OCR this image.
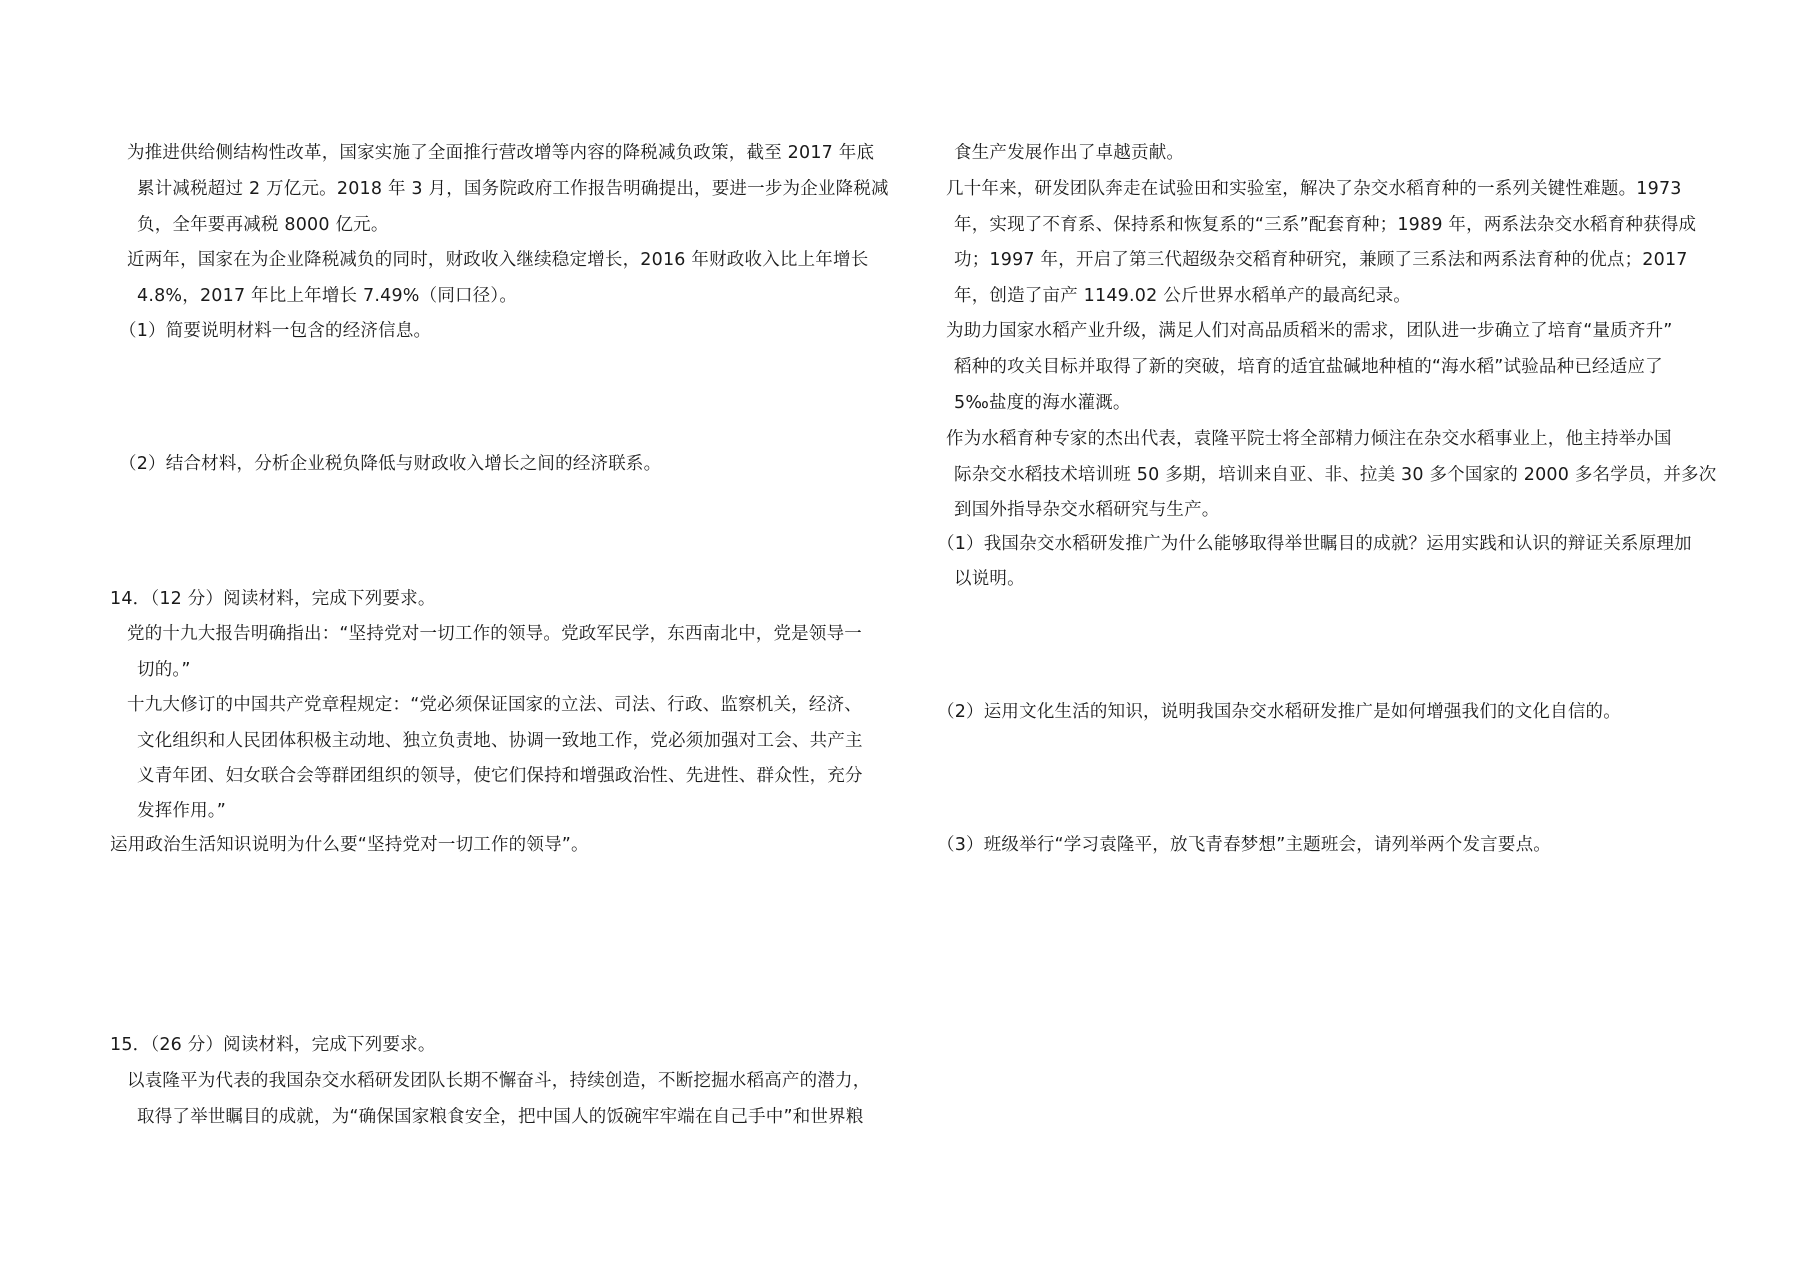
为推进供给侧结构性改革，国家实施了全面推行营改增等内容的降税减负政策，截至 2017 年底
累计减税超过 2 万亿元。2018 年 3 月，国务院政府工作报告明确提出，要进一步为企业降税减
负，全年要再减税 8000 亿元。
近两年，国家在为企业降税减负的同时，财政收入继续稳定增长，2016 年财政收入比上年增长
4.8%，2017 年比上年增长 7.49%（同口径）。
（1）简要说明材料一包含的经济信息。
（2）结合材料，分析企业税负降低与财政收入增长之间的经济联系。
14．（12 分）阅读材料，完成下列要求。
党的十九大报告明确指出：“坚持党对一切工作的领导。党政军民学，东西南北中，党是领导一
切的。”
十九大修订的中国共产党章程规定：“党必须保证国家的立法、司法、行政、监察机关，经济、
文化组织和人民团体积极主动地、独立负责地、协调一致地工作，党必须加强对工会、共产主
义青年团、妇女联合会等群团组织的领导，使它们保持和增强政治性、先进性、群众性，充分
发挥作用。”
运用政治生活知识说明为什么要“坚持党对一切工作的领导”。
15．（26 分）阅读材料，完成下列要求。
以袁隆平为代表的我国杂交水稻研发团队长期不懈奋斗，持续创造，不断挖掘水稻高产的潜力，
取得了举世瞩目的成就，为“确保国家粮食安全，把中国人的饭碗牢牢端在自己手中”和世界粮
食生产发展作出了卓越贡献。
几十年来，研发团队奔走在试验田和实验室，解决了杂交水稻育种的一系列关键性难题。1973
年，实现了不育系、保持系和恢复系的“三系”配套育种；1989 年，两系法杂交水稻育种获得成
功；1997 年，开启了第三代超级杂交稻育种研究，兼顾了三系法和两系法育种的优点；2017
年，创造了亩产 1149.02 公斤世界水稻单产的最高纪录。
为助力国家水稻产业升级，满足人们对高品质稻米的需求，团队进一步确立了培育“量质齐升”
稻种的攻关目标并取得了新的突破，培育的适宜盐碱地种植的“海水稻”试验品种已经适应了
5‰盐度的海水灌溉。
作为水稻育种专家的杰出代表，袁隆平院士将全部精力倾注在杂交水稻事业上，他主持举办国
际杂交水稻技术培训班 50 多期，培训来自亚、非、拉美 30 多个国家的 2000 多名学员，并多次
到国外指导杂交水稻研究与生产。
（1）我国杂交水稻研发推广为什么能够取得举世瞩目的成就？运用实践和认识的辩证关系原理加
以说明。
（2）运用文化生活的知识，说明我国杂交水稻研发推广是如何增强我们的文化自信的。
（3）班级举行“学习袁隆平，放飞青春梦想”主题班会，请列举两个发言要点。
